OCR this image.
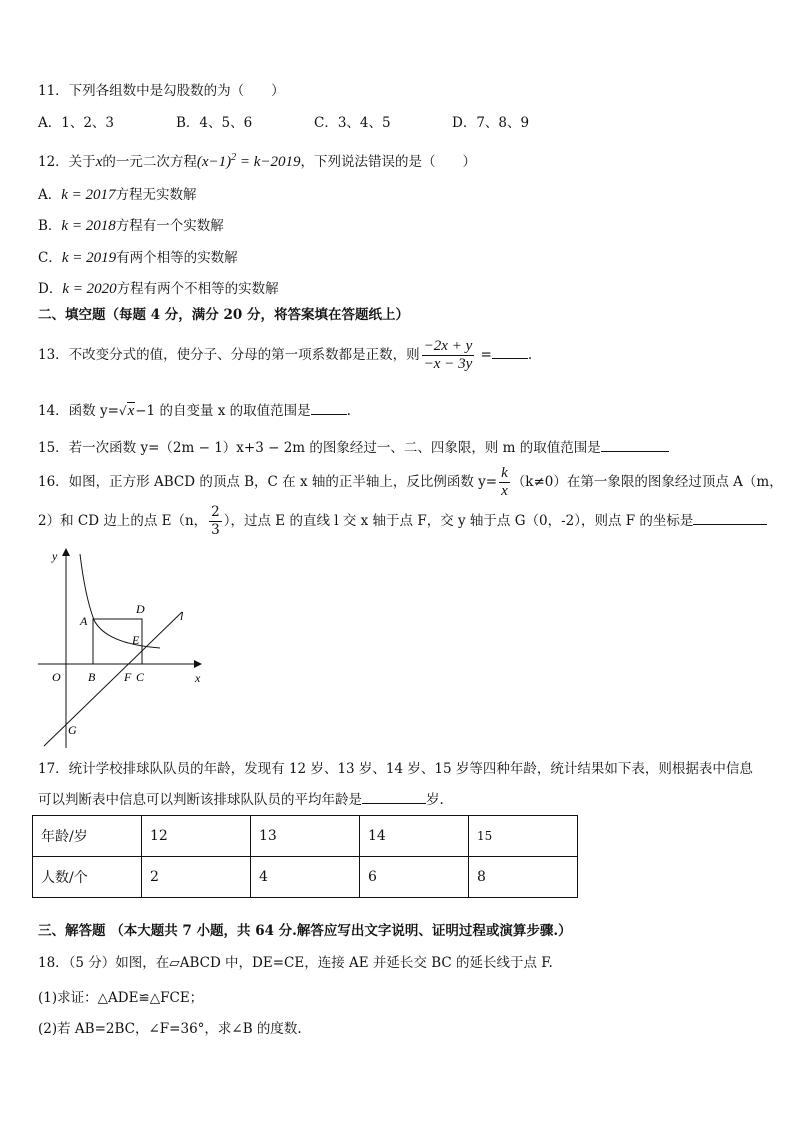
11．下列各组数中是勾股数的为（　　）
A．1、2、3	B．4、5、6	C．3、4、5	D．7、8、9
12．关于x的一元二次方程$(x-1)^2 = k-2019$，下列说法错误的是（　　）
A．k = 2017方程无实数解
B．k = 2018方程有一个实数解
C．k = 2019有两个相等的实数解
D．k = 2020方程有两个不相等的实数解
二、填空题（每题 4 分，满分 20 分，将答案填在答题纸上）
13．不改变分式的值，使分子、分母的第一项系数都是正数，则 $\frac{-2x + y}{-x - 3y}$ =	.
14．函数 y=√x−1 的自变量 x 的取值范围是	.
15．若一次函数 y=（2m − 1）x+3 − 2m 的图象经过一、二、四象限，则 m 的取值范围是
16．如图，正方形 ABCD 的顶点 B，C 在 x 轴的正半轴上，反比例函数 $y= \frac{k}{x} (k\ne 0)$在第一象限的图象经过顶点 A（m，
2）和 CD 边上的点 E（n， $\frac{2}{3}$ ），过点 E 的直线 l 交 x 轴于点 F，交 y 轴于点 G（0，-2），则点 F 的坐标是
y
x
O
A
B	C
D
E
F
G
l
17．统计学校排球队队员的年龄，发现有 12 岁、13 岁、14 岁、15 岁等四种年龄，统计结果如下表，则根据表中信息
可以判断表中信息可以判断该排球队队员的平均年龄是	岁.
年龄/岁	12	13	14	15
人数/个	2	4	6	8
三、解答题 （本大题共 7 小题，共 64 分.解答应写出文字说明、证明过程或演算步骤.）
18．（5 分）如图，在▱ABCD 中，DE=CE，连接 AE 并延长交 BC 的延长线于点 F.
(1)求证：△ADE≌△FCE；
(2)若 AB=2BC，∠F=36°，求∠B 的度数.
